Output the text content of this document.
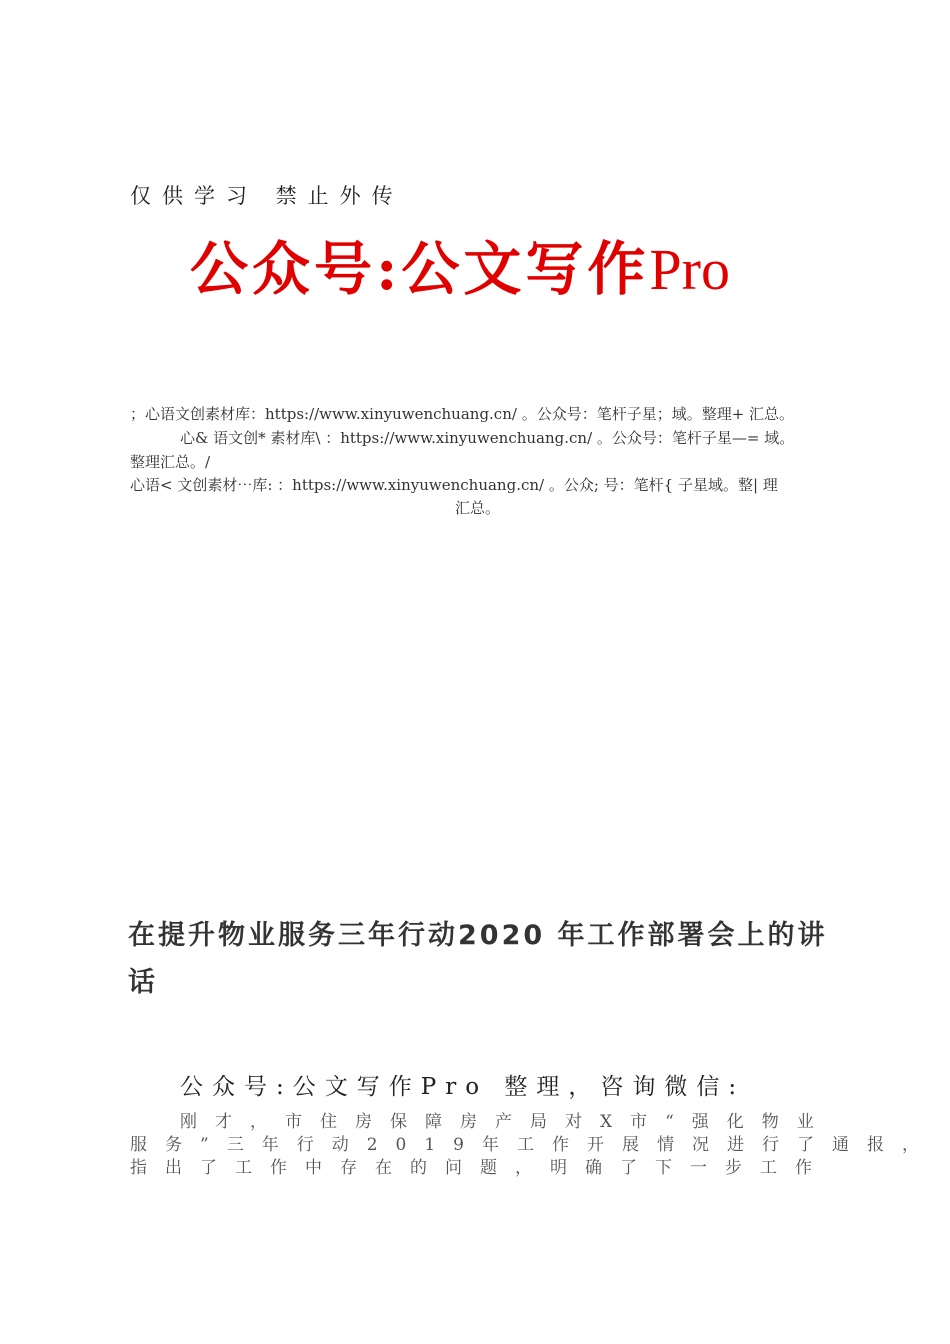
仅供学习 禁止外传
公众号:公文写作Pro
；心语文创素材库：https://www.xinyuwenchuang.cn/ 。公众号：笔杆子星；域。整理+ 汇总。
心& 语文创* 素材库\ ：https://www.xinyuwenchuang.cn/ 。公众号：笔杆子星—= 域。
整理汇总。/
心语< 文创素材⋯库: ：https://www.xinyuwenchuang.cn/ 。公众; 号：笔杆{ 子星域。整| 理
汇总。
在提升物业服务三年行动2020 年工作部署会上的讲话
公众号:公文写作Pro 整理，咨询微信:
刚才，市住房保障房产局对X市“强化物业
服务”三年行动2019年工作开展情况进行了通报，
指出了工作中存在的问题，明确了下一步工作
